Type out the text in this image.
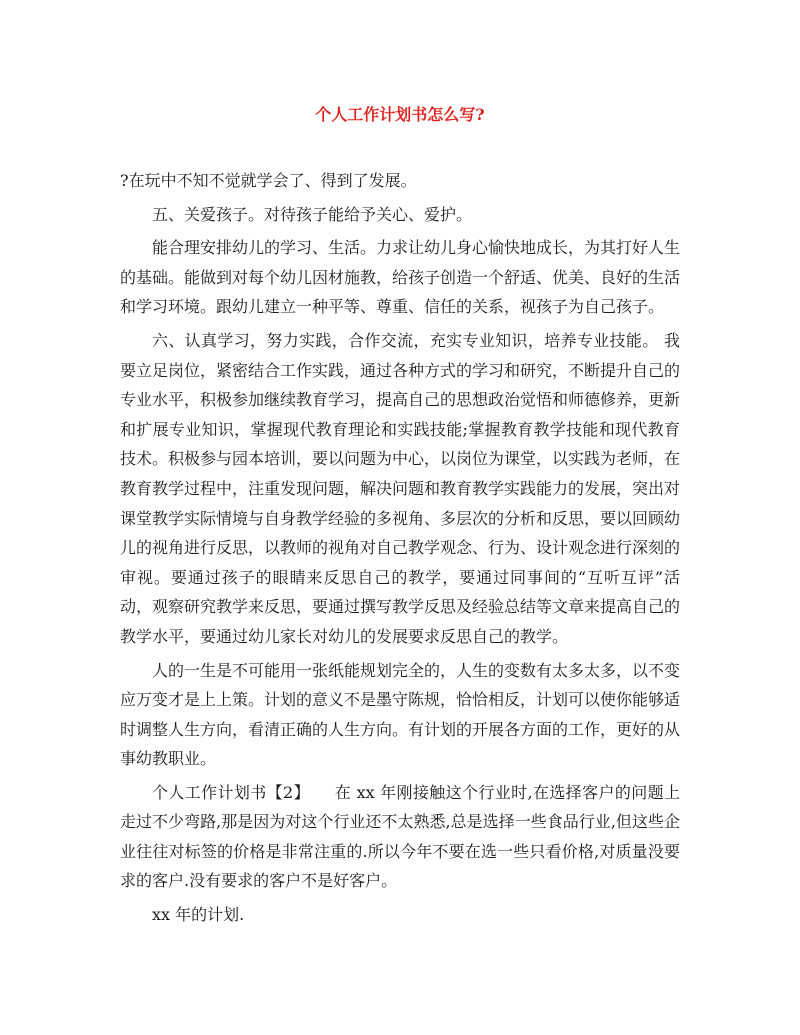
个人工作计划书怎么写?

?在玩中不知不觉就学会了、得到了发展。

五、关爱孩子。对待孩子能给予关心、爱护。

能合理安排幼儿的学习、生活。力求让幼儿身心愉快地成长，为其打好人生的基础。能做到对每个幼儿因材施教，给孩子创造一个舒适、优美、良好的生活和学习环境。跟幼儿建立一种平等、尊重、信任的关系，视孩子为自己孩子。

六、认真学习，努力实践，合作交流，充实专业知识，培养专业技能。 我要立足岗位，紧密结合工作实践，通过各种方式的学习和研究，不断提升自己的专业水平，积极参加继续教育学习，提高自己的思想政治觉悟和师德修养，更新和扩展专业知识，掌握现代教育理论和实践技能;掌握教育教学技能和现代教育技术。积极参与园本培训，要以问题为中心，以岗位为课堂，以实践为老师，在教育教学过程中，注重发现问题，解决问题和教育教学实践能力的发展，突出对课堂教学实际情境与自身教学经验的多视角、多层次的分析和反思，要以回顾幼儿的视角进行反思，以教师的视角对自己教学观念、行为、设计观念进行深刻的审视。要通过孩子的眼睛来反思自己的教学，要通过同事间的“互听互评”活动，观察研究教学来反思，要通过撰写教学反思及经验总结等文章来提高自己的教学水平，要通过幼儿家长对幼儿的发展要求反思自己的教学。

人的一生是不可能用一张纸能规划完全的，人生的变数有太多太多，以不变应万变才是上上策。计划的意义不是墨守陈规，恰恰相反，计划可以使你能够适时调整人生方向，看清正确的人生方向。有计划的开展各方面的工作，更好的从事幼教职业。

个人工作计划书【2】　　在 xx 年刚接触这个行业时,在选择客户的问题上走过不少弯路,那是因为对这个行业还不太熟悉,总是选择一些食品行业,但这些企业往往对标签的价格是非常注重的.所以今年不要在选一些只看价格,对质量没要求的客户.没有要求的客户不是好客户。

xx 年的计划.
